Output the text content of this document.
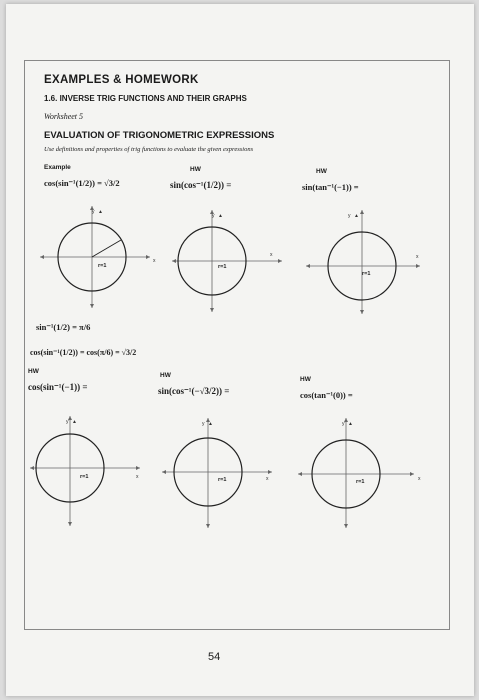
EXAMPLES & HOMEWORK
1.6. INVERSE TRIG FUNCTIONS AND THEIR GRAPHS
Worksheet 5
EVALUATION OF TRIGONOMETRIC EXPRESSIONS
Use definitions and properties of trig functions to evaluate the given expressions
Example
cos(sin⁻¹(1/2)) = √3/2
HW
sin(cos⁻¹(1/2)) =
HW
sin(tan⁻¹(−1)) =
sin⁻¹(1/2) = π/6
cos(sin⁻¹(1/2)) = cos(π/6) = √3/2
HW
cos(sin⁻¹(−1)) =
HW
sin(cos⁻¹(−√3/2)) =
HW
cos(tan⁻¹(0)) =
y ▲
x
r=1
y ▲
x
r=1
y ▲
x
r=1
y ▲
x
r=1
y ▲
x
r=1
y ▲
x
r=1
54
